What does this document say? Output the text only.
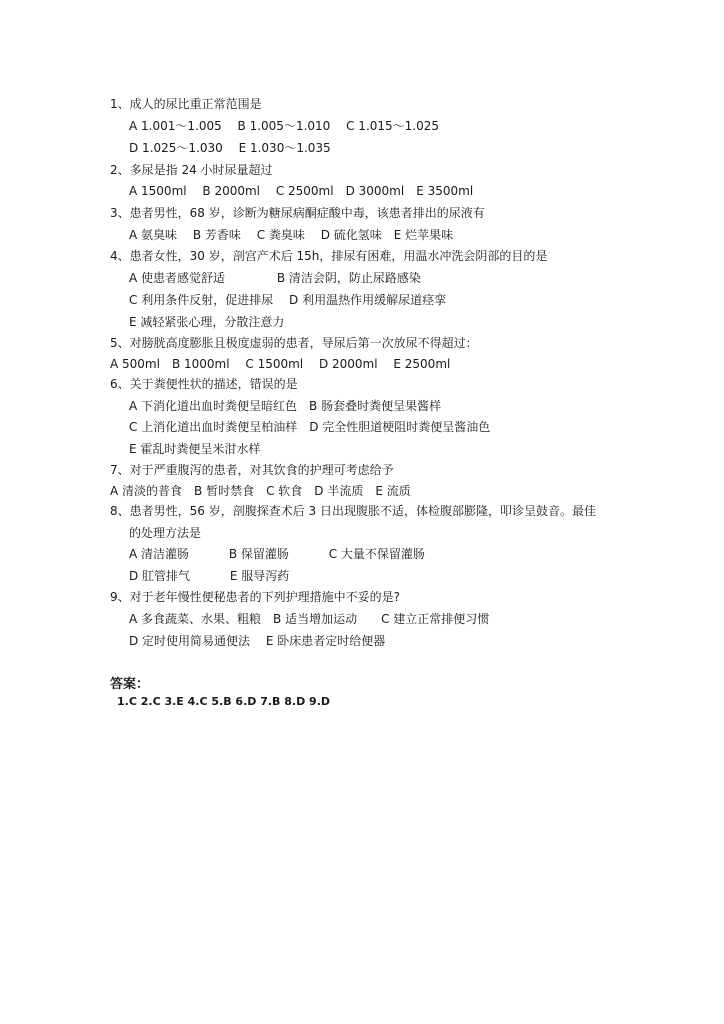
1、成人的尿比重正常范围是
A 1.001～1.005　 B 1.005～1.010　 C 1.015～1.025
D 1.025～1.030　 E 1.030～1.035
2、多尿是指 24 小时尿量超过
A 1500ml　 B 2000ml　 C 2500ml　D 3000ml　E 3500ml
3、患者男性，68 岁，诊断为糖尿病酮症酸中毒，该患者排出的尿液有
A 氨臭味　 B 芳香味　 C 粪臭味　 D 硫化氢味　E 烂苹果味
4、患者女性，30 岁，剖宫产术后 15h，排尿有困难，用温水冲洗会阴部的目的是
A 使患者感觉舒适　　　　 B 清洁会阴，防止尿路感染
C 利用条件反射，促进排尿　 D 利用温热作用缓解尿道痉挛
E 减轻紧张心理，分散注意力
5、对膀胱高度膨胀且极度虚弱的患者，导尿后第一次放尿不得超过：
A 500ml　B 1000ml　 C 1500ml　 D 2000ml　 E 2500ml
6、关于粪便性状的描述，错误的是
A 下消化道出血时粪便呈暗红色　B 肠套叠时粪便呈果酱样
C 上消化道出血时粪便呈柏油样　D 完全性胆道梗阻时粪便呈酱油色
E 霍乱时粪便呈米泔水样
7、对于严重腹泻的患者，对其饮食的护理可考虑给予
A 清淡的普食　B 暂时禁食　C 软食　D 半流质　E 流质
8、患者男性，56 岁，剖腹探查术后 3 日出现腹胀不适，体检腹部膨隆，叩诊呈鼓音。最佳
的处理方法是
A 清洁灌肠　　　 B 保留灌肠　　　 C 大量不保留灌肠
D 肛管排气　　　 E 服导泻药
9、对于老年慢性便秘患者的下列护理措施中不妥的是?
A 多食蔬菜、水果、粗粮　B 适当增加运动　　C 建立正常排便习惯
D 定时使用简易通便法　 E 卧床患者定时给便器
答案：
1.C 2.C 3.E 4.C 5.B 6.D 7.B 8.D 9.D
